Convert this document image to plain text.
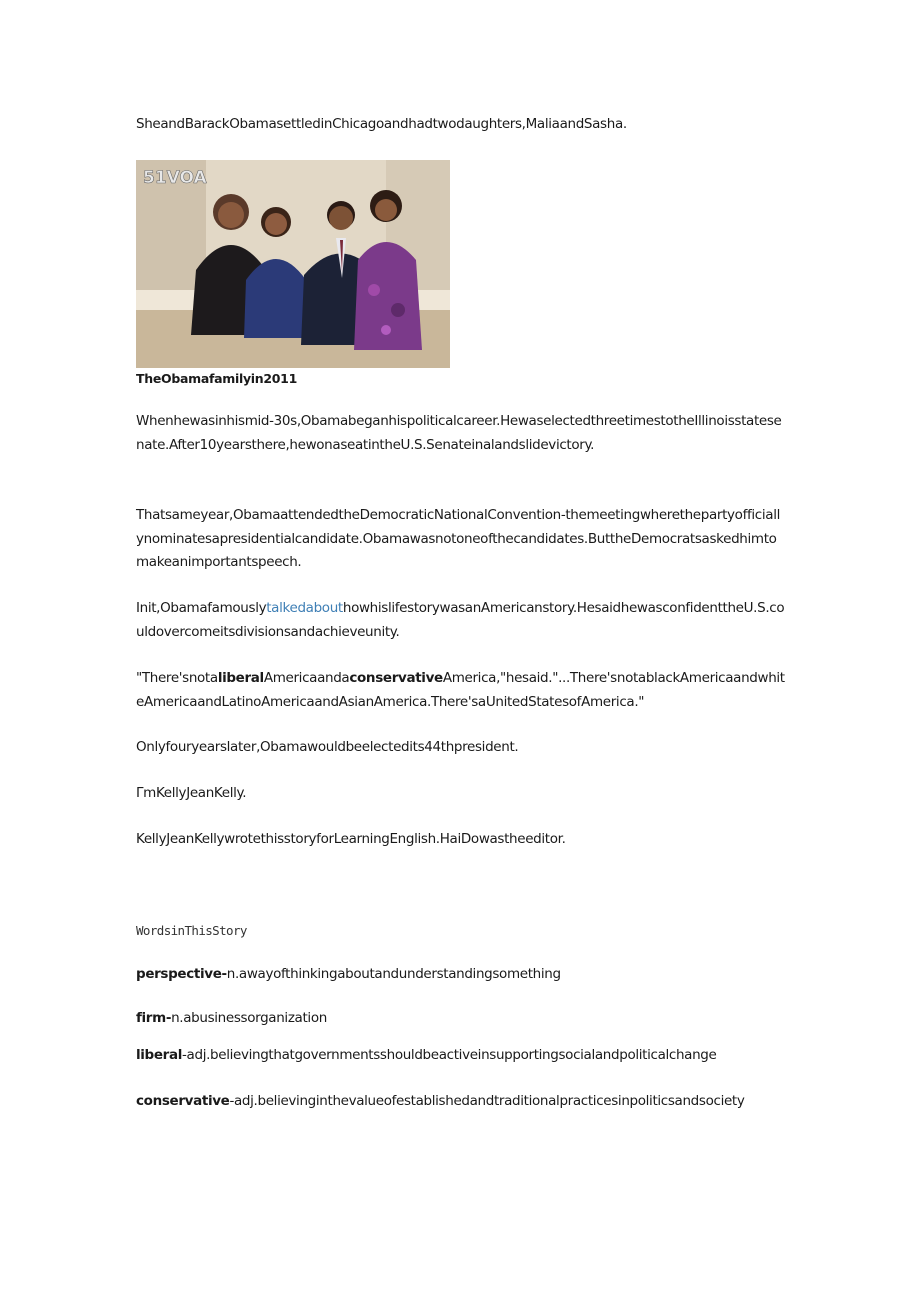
SheandBarackObamasettledinChicagoandhadtwodaughters,MaliaandSasha.
51VOA
TheObamafamilyin2011
Whenhewasinhismid-30s,Obamabeganhispoliticalcareer.HewaselectedthreetimestotheIllinoisstatesenate.After10yearsthere,hewonaseatintheU.S.Senateinalandslidevictory.
Thatsameyear,ObamaattendedtheDemocraticNationalConvention-themeetingwherethepartyofficiallynominatesapresidentialcandidate.Obamawasnotoneofthecandidates.ButtheDemocratsaskedhimtomakeanimportantspeech.
Init,ObamafamouslytalkedabouthowhislifestorywasanAmericanstory.HesaidhewasconfidenttheU.S.couldovercomeitsdivisionsandachieveunity.
"There'snotaliberalAmericaandaconservativeAmerica,"hesaid."...There'snotablackAmericaandwhiteAmericaandLatinoAmericaandAsianAmerica.There'saUnitedStatesofAmerica."
Onlyfouryearslater,Obamawouldbeelectedits44thpresident.
ΓmKellyJeanKelly.
KellyJeanKellywrotethisstoryforLearningEnglish.HaiDowastheeditor.
WordsinThisStory
perspective-n.awayofthinkingaboutandunderstandingsomething
firm-n.abusinessorganization
liberal-adj.believingthatgovernmentsshouldbeactiveinsupportingsocialandpoliticalchange
conservative-adj.believinginthevalueofestablishedandtraditionalpracticesinpoliticsandsociety
